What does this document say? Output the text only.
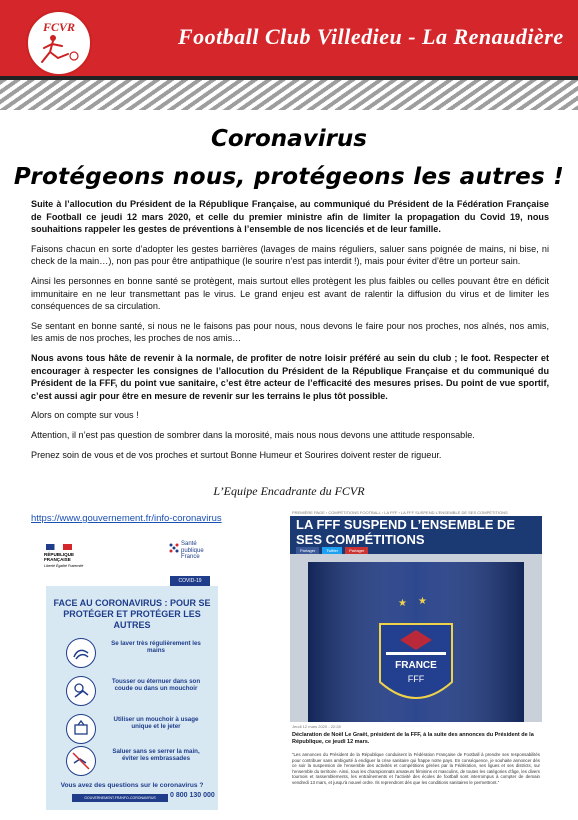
FCVR	Football Club Villedieu - La Renaudière
Coronavirus
Protégeons nous, protégeons les autres !

Suite à l’allocution du Président de la République Française, au communiqué du Président de la Fédération Française de Football ce jeudi 12 mars 2020, et celle du premier ministre afin de limiter la propagation du Covid 19, nous souhaitions rappeler les gestes de préventions à l’ensemble de nos licenciés et de leur famille.

Faisons chacun en sorte d’adopter les gestes barrières (lavages de mains réguliers, saluer sans poignée de mains, ni bise, ni check de la main…), non pas pour être antipathique (le sourire n’est pas interdit !), mais pour éviter d’être un porteur sain.

Ainsi les personnes en bonne santé se protègent, mais surtout elles protègent les plus faibles ou celles pouvant être en déficit immunitaire en ne leur transmettant pas le virus. Le grand enjeu est avant de ralentir la diffusion du virus et de limiter les conséquences de sa circulation.

Se sentant en bonne santé, si nous ne le faisons pas pour nous, nous devons le faire pour nos proches, nos aînés, nos amis, les amis de nos proches, les proches de nos amis…

Nous avons tous hâte de revenir à la normale, de profiter de notre loisir préféré au sein du club ; le foot. Respecter et encourager à respecter les consignes de l’allocution du Président de la République Française et du communiqué du Président de la FFF, du point vue sanitaire, c’est être acteur de l’efficacité des mesures prises. Du point de vue sportif, c’est aussi agir pour être en mesure de revenir sur les terrains le plus tôt possible.

Alors on compte sur vous !

Attention, il n’est pas question de sombrer dans la morosité, mais nous nous devons une attitude responsable.

Prenez soin de vous et de vos proches et surtout Bonne Humeur et Sourires doivent rester de rigueur.

L’Equipe Encadrante du FCVR
https://www.gouvernement.fr/info-coronavirus
RÉPUBLIQUE FRANÇAISE
Liberté Égalité Fraternité
Santé publique France
COVID-19
FACE AU CORONAVIRUS : POUR SE PROTÉGER ET PROTÉGER LES AUTRES
Se laver très régulièrement les mains
Tousser ou éternuer dans son coude ou dans un mouchoir
Utiliser un mouchoir à usage unique et le jeter
Saluer sans se serrer la main, éviter les embrassades
Vous avez des questions sur le coronavirus ?
GOUVERNEMENT.FR/INFO-CORONAVIRUS	0 800 130 000
PREMIÈRE PAGE › COMPÉTITIONS FOOTBALL › LA FFF › LA FFF SUSPEND L'ENSEMBLE DE SES COMPÉTITIONS
LA FFF SUSPEND L’ENSEMBLE DE SES COMPÉTITIONS
Partager	Twitter	Partager
★ ★
FRANCE
FFF
Jeudi 12 mars 2020 - 22:28
Déclaration de Noël Le Graët, président de la FFF, à la suite des annonces du Président de la République, ce jeudi 12 mars.
“Les annonces du Président de la République conduisent la Fédération Française de Football à prendre ses responsabilités pour contribuer sans ambiguïté à endiguer la crise sanitaire qui frappe notre pays. En conséquence, je souhaite annoncer dès ce soir la suspension de l’ensemble des activités et compétitions gérées par la Fédération, ses ligues et ses districts, sur l’ensemble du territoire. Ainsi, tous les championnats amateurs féminins et masculins, de toutes les catégories d’âge, les divers tournois et rassemblements, les entraînements et l’activité des écoles de football sont interrompus à compter de demain vendredi 13 mars, et jusqu’à nouvel ordre. Ils reprendront dès que les conditions sanitaires le permettront.”
